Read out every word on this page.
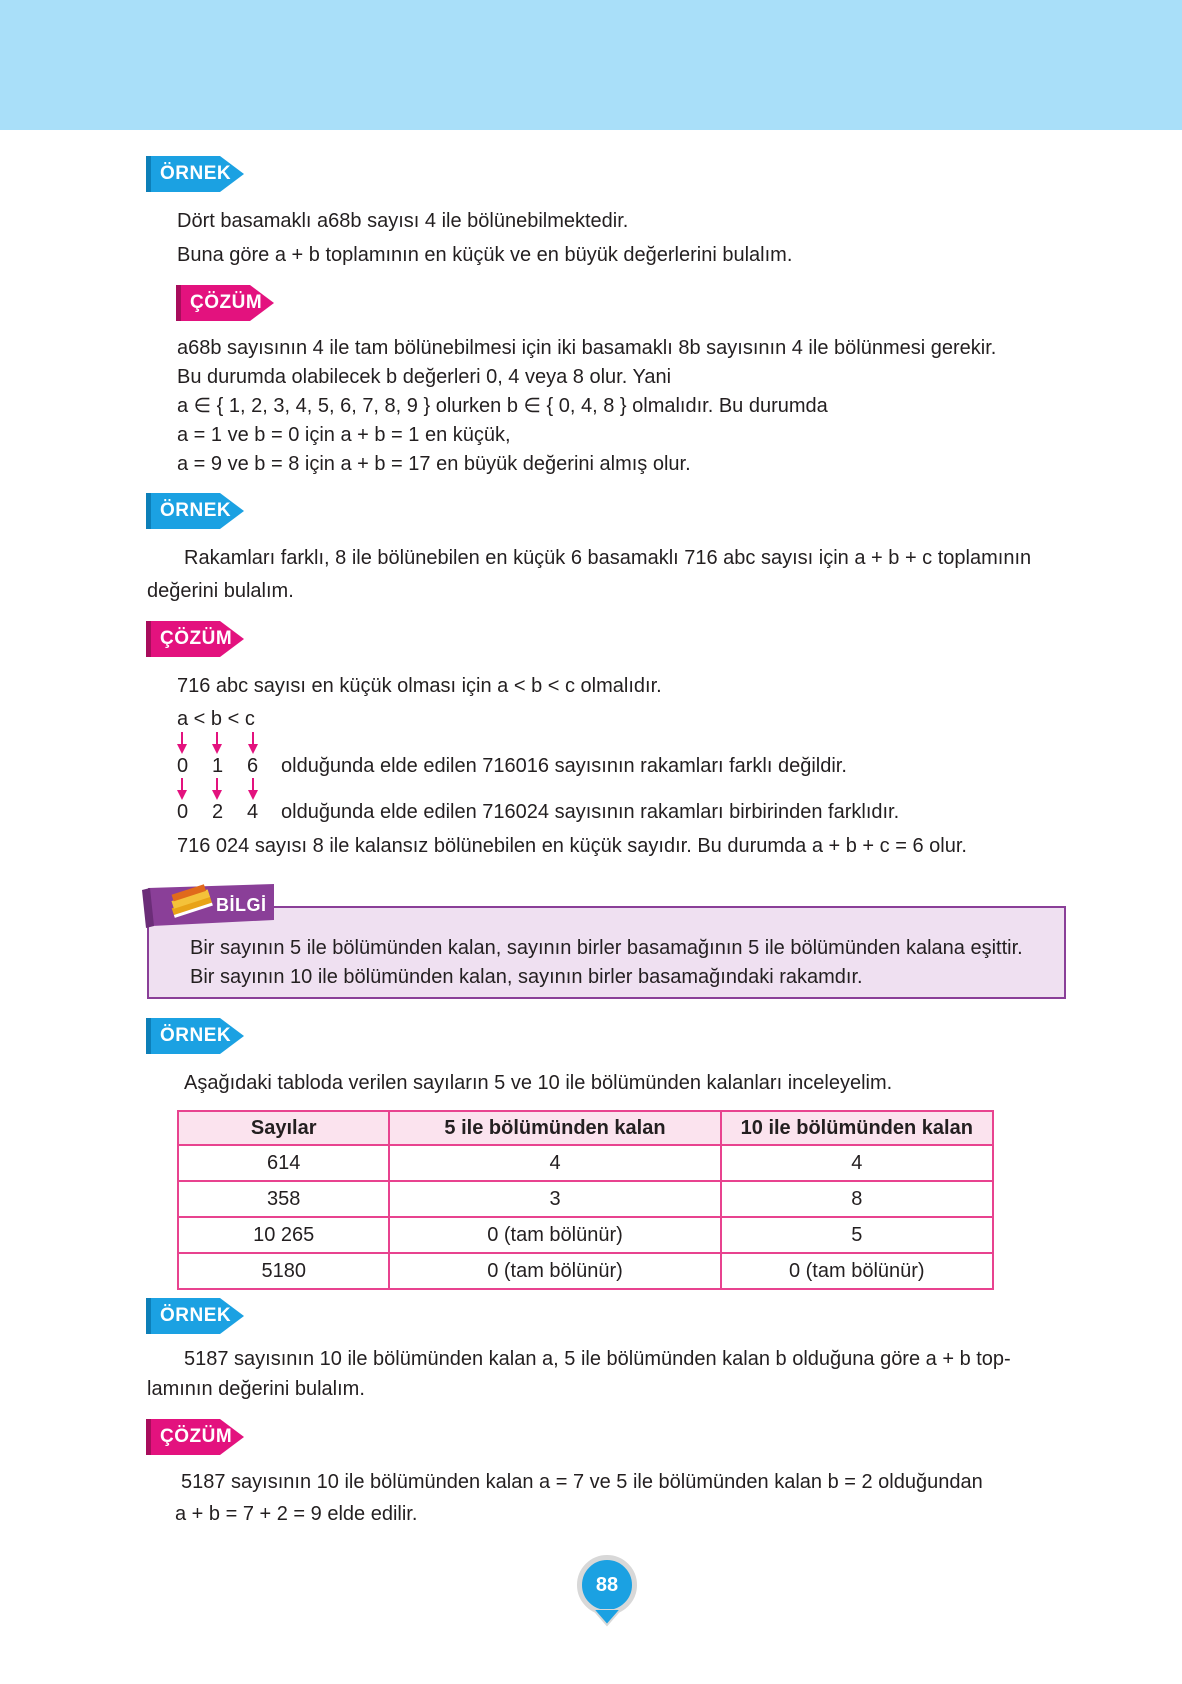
ÖRNEK
Dört basamaklı a68b sayısı 4 ile bölünebilmektedir.
Buna göre a + b toplamının en küçük ve en büyük değerlerini bulalım.
ÇÖZÜM
a68b sayısının 4 ile tam bölünebilmesi için iki basamaklı 8b sayısının 4 ile bölünmesi gerekir.
Bu durumda olabilecek b değerleri 0, 4 veya 8 olur. Yani
a ∈ { 1, 2, 3, 4, 5, 6, 7, 8, 9 } olurken b ∈ { 0, 4, 8 } olmalıdır. Bu durumda
a = 1 ve b = 0 için a + b = 1 en küçük,
a = 9 ve b = 8 için a + b = 17 en büyük değerini almış olur.
ÖRNEK
Rakamları farklı, 8 ile bölünebilen en küçük 6 basamaklı 716 abc sayısı için a + b + c toplamının
değerini bulalım.
ÇÖZÜM
716 abc sayısı en küçük olması için a < b < c olmalıdır.
a < b < c
0 1 6 olduğunda elde edilen 716016 sayısının rakamları farklı değildir.
0 2 4 olduğunda elde edilen 716024 sayısının rakamları birbirinden farklıdır.
716 024 sayısı 8 ile kalansız bölünebilen en küçük sayıdır. Bu durumda a + b + c = 6 olur.
BİLGİ
Bir sayının 5 ile bölümünden kalan, sayının birler basamağının 5 ile bölümünden kalana eşittir.
Bir sayının 10 ile bölümünden kalan, sayının birler basamağındaki rakamdır.
ÖRNEK
Aşağıdaki tabloda verilen sayıların 5 ve 10 ile bölümünden kalanları inceleyelim.
Sayılar	5 ile bölümünden kalan	10 ile bölümünden kalan
614	4	4
358	3	8
10 265	0 (tam bölünür)	5
5180	0 (tam bölünür)	0 (tam bölünür)
ÖRNEK
5187 sayısının 10 ile bölümünden kalan a, 5 ile bölümünden kalan b olduğuna göre a + b top-
lamının değerini bulalım.
ÇÖZÜM
5187 sayısının 10 ile bölümünden kalan a = 7 ve 5 ile bölümünden kalan b = 2 olduğundan
a + b = 7 + 2 = 9 elde edilir.
88
